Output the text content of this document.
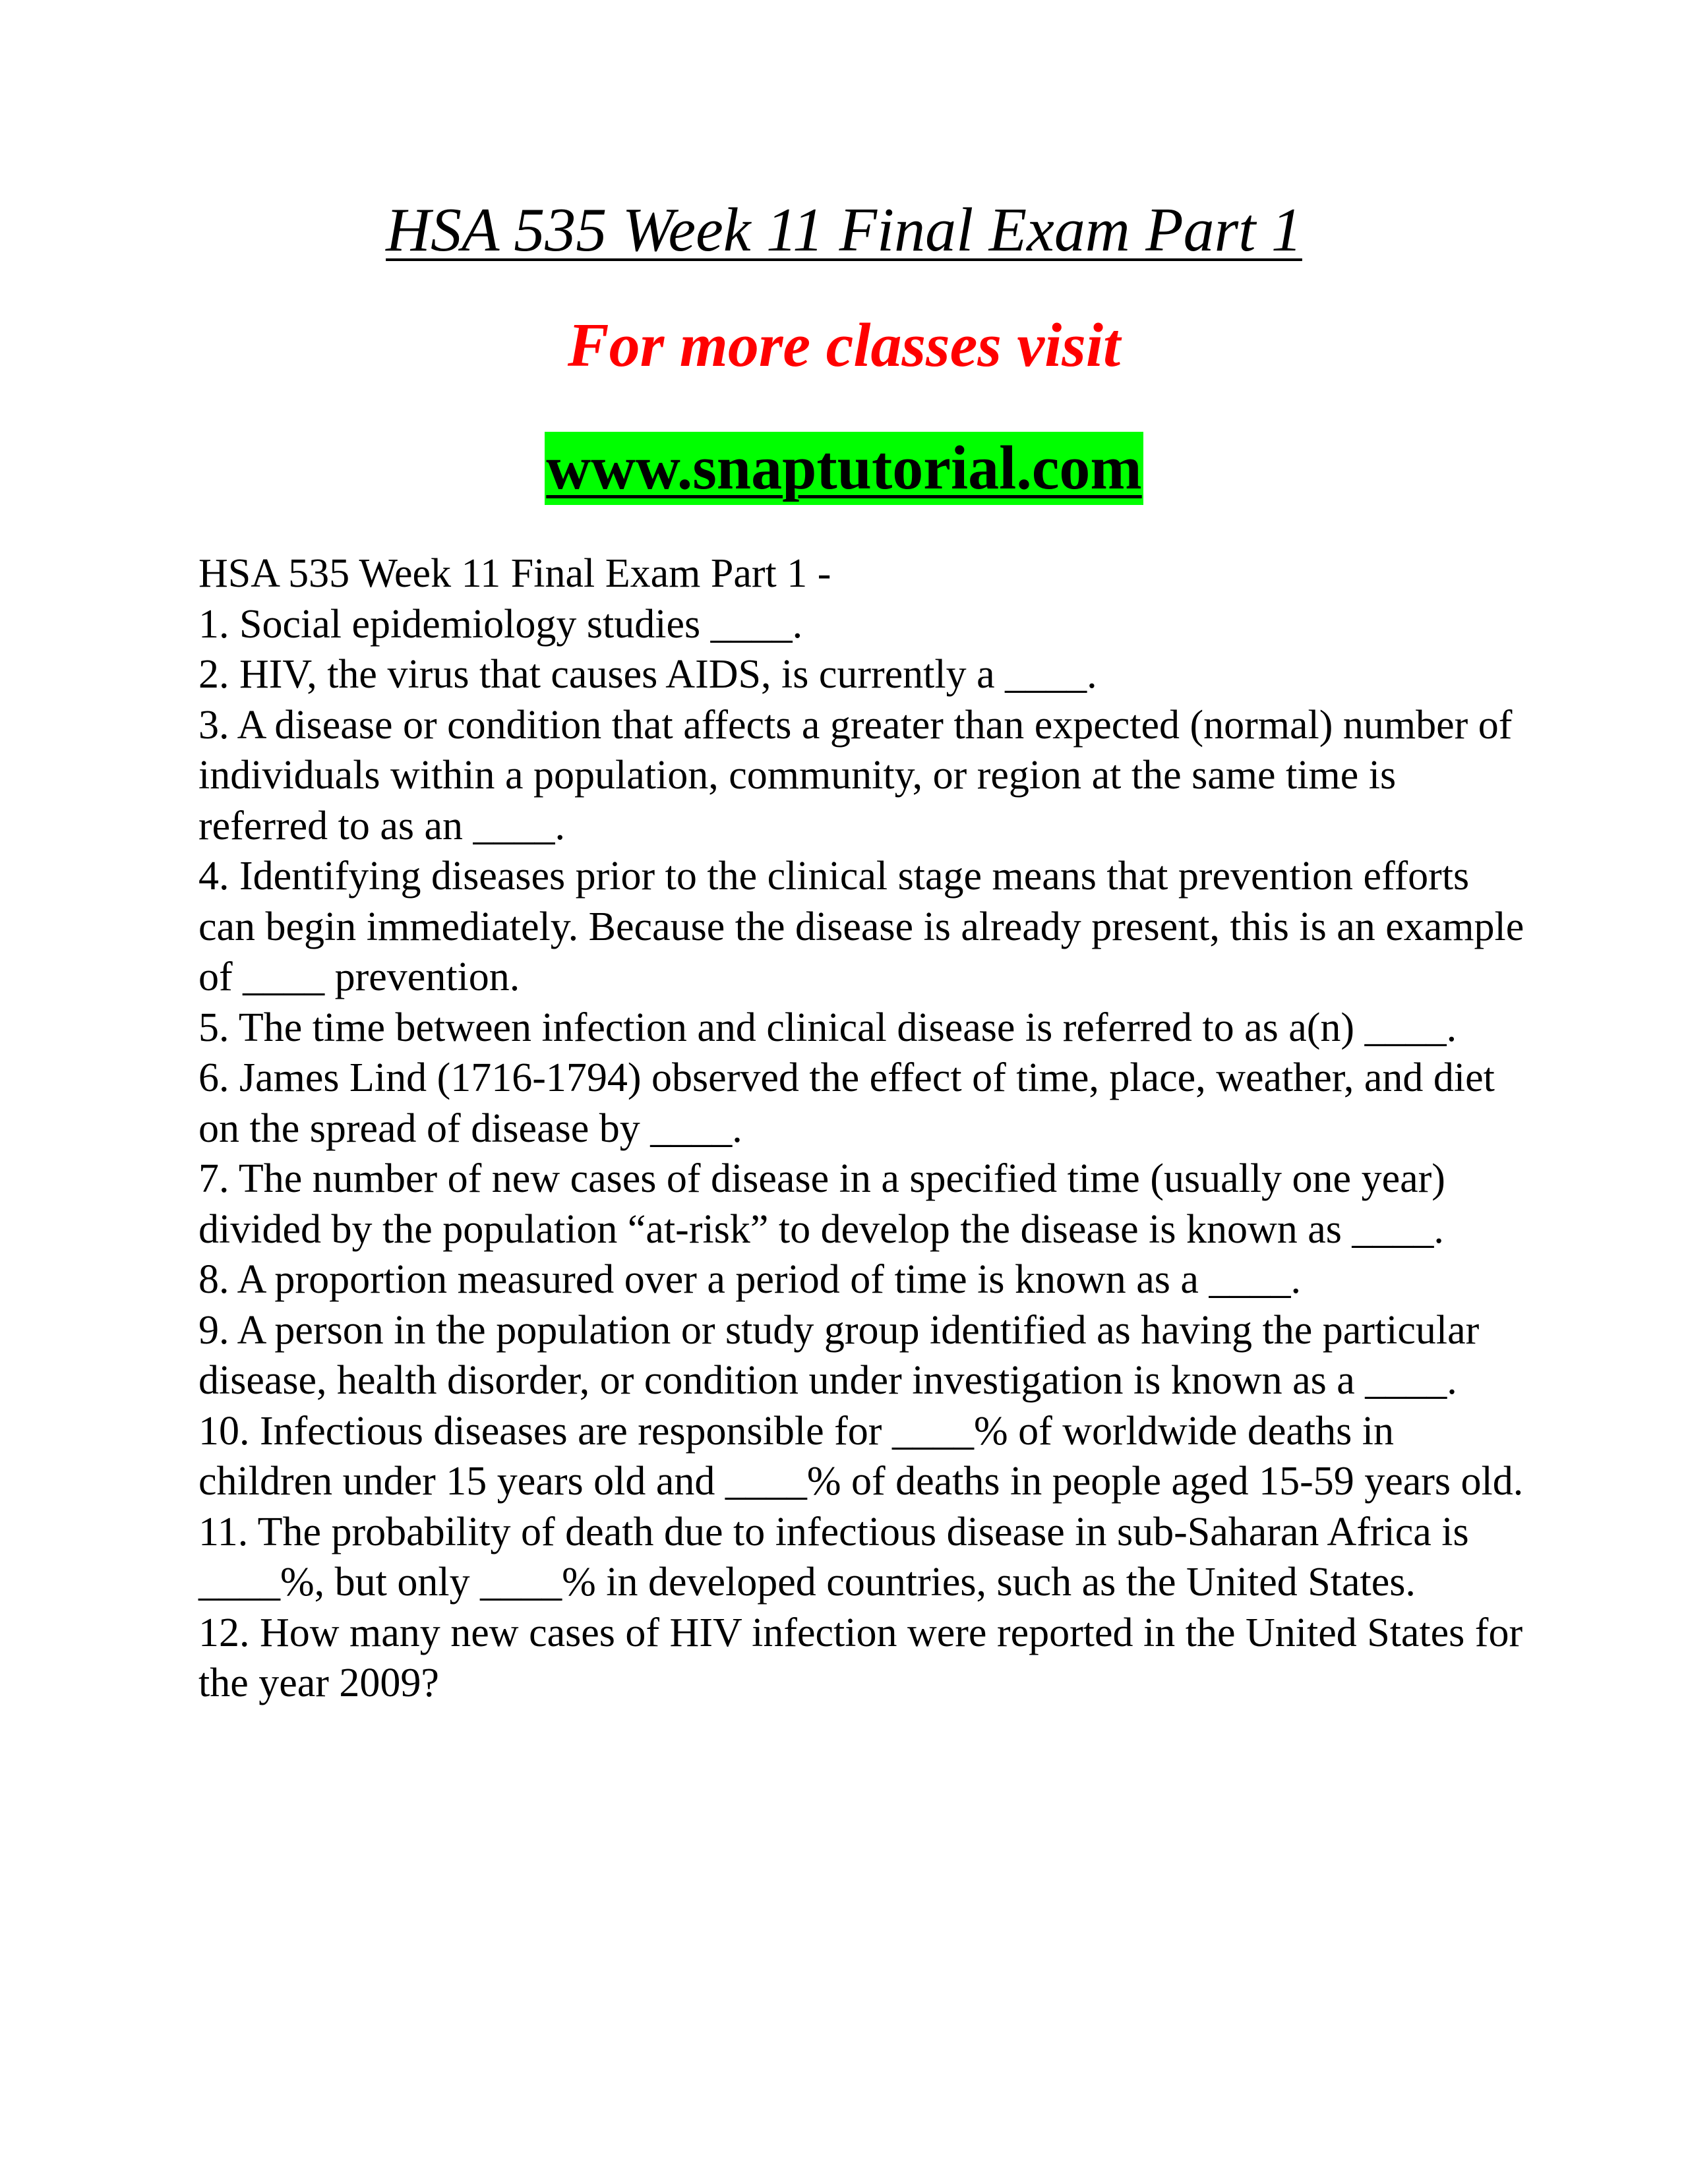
HSA 535 Week 11 Final Exam Part 1
For more classes visit
www.snaptutorial.com

HSA 535 Week 11 Final Exam Part 1 -

1. Social epidemiology studies ____.

2. HIV, the virus that causes AIDS, is currently a ____.

3. A disease or condition that affects a greater than expected (normal) number of individuals within a population, community, or region at the same time is referred to as an ____.

4. Identifying diseases prior to the clinical stage means that prevention efforts can begin immediately. Because the disease is already present, this is an example of ____ prevention.

5. The time between infection and clinical disease is referred to as a(n) ____.

6. James Lind (1716-1794) observed the effect of time, place, weather, and diet on the spread of disease by ____.

7. The number of new cases of disease in a specified time (usually one year) divided by the population “at-risk” to develop the disease is known as ____.

8. A proportion measured over a period of time is known as a ____.

9. A person in the population or study group identified as having the particular disease, health disorder, or condition under investigation is known as a ____.

10. Infectious diseases are responsible for ____% of worldwide deaths in children under 15 years old and ____% of deaths in people aged 15-59 years old.

11. The probability of death due to infectious disease in sub-Saharan Africa is ____%, but only ____% in developed countries, such as the United States.

12. How many new cases of HIV infection were reported in the United States for the year 2009?
